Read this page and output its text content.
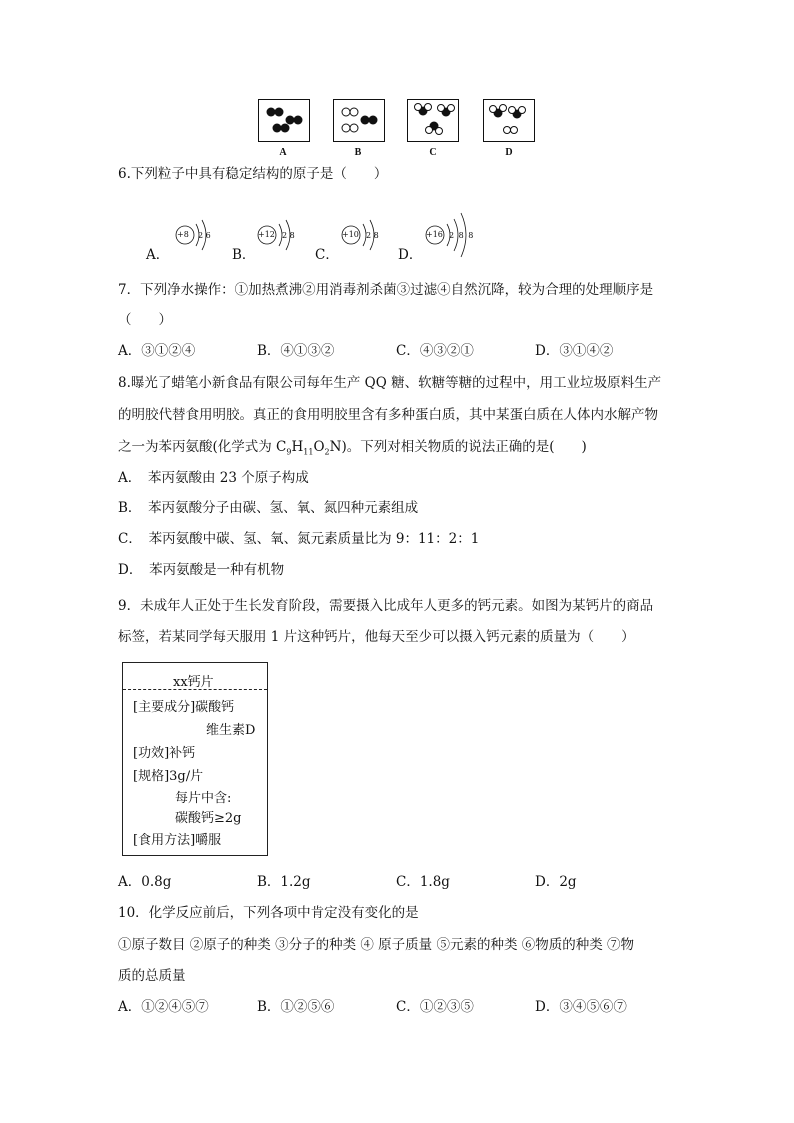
A	B	C	D
6.下列粒子中具有稳定结构的原子是（　　）
A．
+8 2 6
B．
+12 2 8
C．
+10 2 8
D．
+16 2 8 8
7．下列净水操作：①加热煮沸②用消毒剂杀菌③过滤④自然沉降，较为合理的处理顺序是
（　　）
A．③①②④	B．④①③②	C．④③②①	D．③①④②
8.曝光了蜡笔小新食品有限公司每年生产 QQ 糖、软糖等糖的过程中，用工业垃圾原料生产
的明胶代替食用明胶。真正的食用明胶里含有多种蛋白质，其中某蛋白质在人体内水解产物
之一为苯丙氨酸(化学式为 $C_9H_{11}O_2N$)。下列对相关物质的说法正确的是(　　)
A．　苯丙氨酸由 23 个原子构成
B．　苯丙氨酸分子由碳、氢、氧、氮四种元素组成
C．　苯丙氨酸中碳、氢、氧、氮元素质量比为 9：11：2：1
D．　苯丙氨酸是一种有机物
9．未成年人正处于生长发育阶段，需要摄入比成年人更多的钙元素。如图为某钙片的商品
标签，若某同学每天服用 1 片这种钙片，他每天至少可以摄入钙元素的质量为（　　）
xx钙片
[主要成分]碳酸钙
维生素D
[功效]补钙
[规格]3g/片
每片中含:
碳酸钙≥2g
[食用方法]嚼服
A．0.8g	B．1.2g	C．1.8g	D．2g
10．化学反应前后，下列各项中肯定没有变化的是
①原子数目 ②原子的种类 ③分子的种类 ④ 原子质量 ⑤元素的种类 ⑥物质的种类 ⑦物
质的总质量
A．①②④⑤⑦	B．①②⑤⑥	C．①②③⑤	D．③④⑤⑥⑦
